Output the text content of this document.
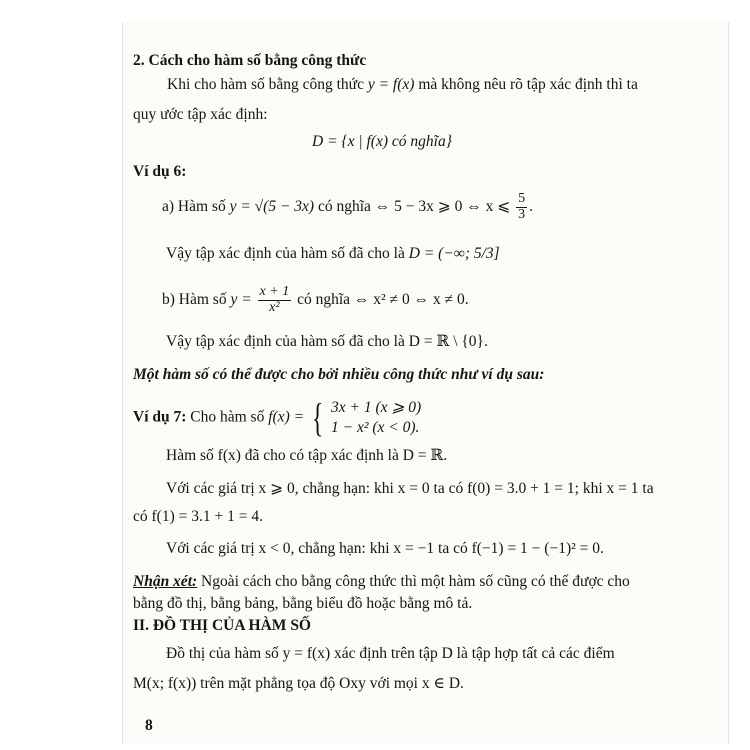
2. Cách cho hàm số bằng công thức
Khi cho hàm số bằng công thức y = f(x) mà không nêu rõ tập xác định thì ta
quy ước tập xác định:
D = {x | f(x) có nghĩa}
Ví dụ 6:
a) Hàm số y = √(5 − 3x) có nghĩa ⇔ 5 − 3x ⩾ 0 ⇔ x ⩽ $\frac{5}{3}$ .
Vậy tập xác định của hàm số đã cho là D = (−∞; 5/3]
b) Hàm số $y = \frac{x + 1}{\text{x²}}$ có nghĩa ⇔ x² ≠ 0 ⇔ x ≠ 0.
Vậy tập xác định của hàm số đã cho là D = ℝ \ {0}.
Một hàm số có thể được cho bởi nhiều công thức như ví dụ sau:
Ví dụ 7: Cho hàm số f(x) = { 3x + 1 (x ⩾ 0)
1 − x² (x < 0).
Hàm số f(x) đã cho có tập xác định là D = ℝ.
Với các giá trị x ⩾ 0, chẳng hạn: khi x = 0 ta có f(0) = 3.0 + 1 = 1; khi x = 1 ta
có f(1) = 3.1 + 1 = 4.
Với các giá trị x < 0, chẳng hạn: khi x = −1 ta có f(−1) = 1 − (−1)² = 0.
Nhận xét: Ngoài cách cho bằng công thức thì một hàm số cũng có thể được cho
bằng đồ thị, bằng bảng, bằng biểu đồ hoặc bằng mô tả.
II. ĐỒ THỊ CỦA HÀM SỐ
Đồ thị của hàm số y = f(x) xác định trên tập D là tập hợp tất cả các điểm
M(x; f(x)) trên mặt phẳng tọa độ Oxy với mọi x ∈ D.
8
